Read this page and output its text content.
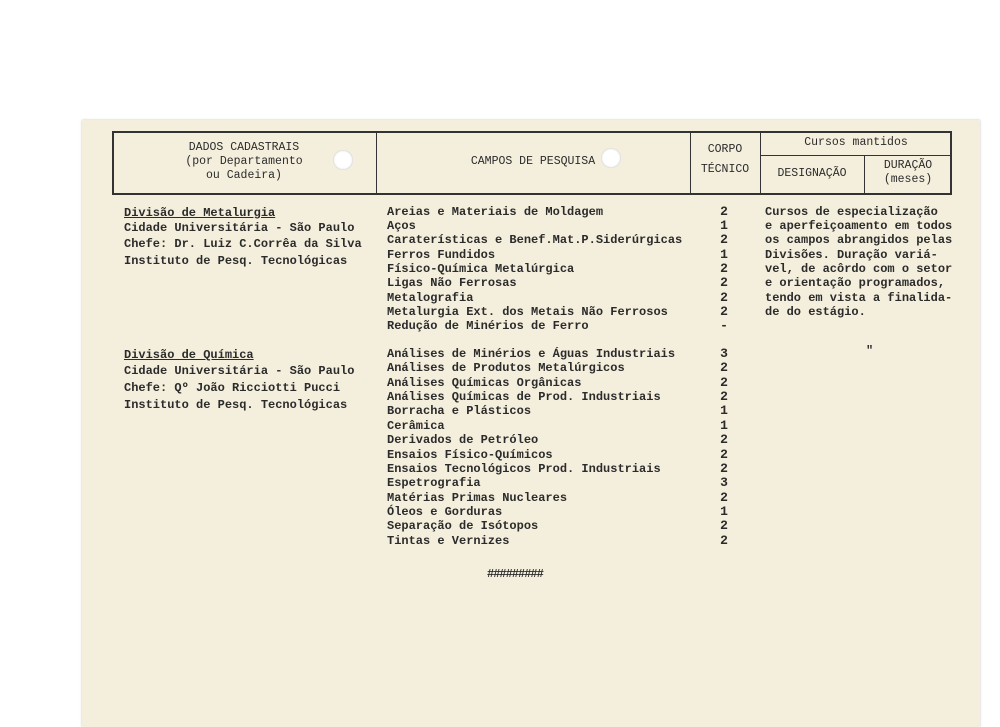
DADOS CADASTRAIS
(por Departamento
ou Cadeira)
CAMPOS DE PESQUISA
CORPO
TÉCNICO
Cursos mantidos
DESIGNAÇÃO
DURAÇÃO
(meses)
Divisão de Metalurgia
Cidade Universitária - São Paulo
Chefe: Dr. Luiz C.Corrêa da Silva
Instituto de Pesq. Tecnológicas
Areias e Materiais de Moldagem
Aços
Caraterísticas e Benef.Mat.P.Siderúrgicas
Ferros Fundidos
Físico-Química Metalúrgica
Ligas Não Ferrosas
Metalografia
Metalurgia Ext. dos Metais Não Ferrosos
Redução de Minérios de Ferro
2
1
2
1
2
2
2
2
-
Cursos de especialização
e aperfeiçoamento em todos
os campos abrangidos pelas
Divisões. Duração variá-
vel, de acôrdo com o setor
e orientação programados,
tendo em vista a finalida-
de do estágio.
Divisão de Química
Cidade Universitária - São Paulo
Chefe: Qº João Ricciotti Pucci
Instituto de Pesq. Tecnológicas
Análises de Minérios e Águas Industriais
Análises de Produtos Metalúrgicos
Análises Químicas Orgânicas
Análises Químicas de Prod. Industriais
Borracha e Plásticos
Cerâmica
Derivados de Petróleo
Ensaios Físico-Químicos
Ensaios Tecnológicos Prod. Industriais
Espetrografia
Matérias Primas Nucleares
Óleos e Gorduras
Separação de Isótopos
Tintas e Vernizes
3
2
2
2
1
1
2
2
2
3
2
1
2
2
"
#########
